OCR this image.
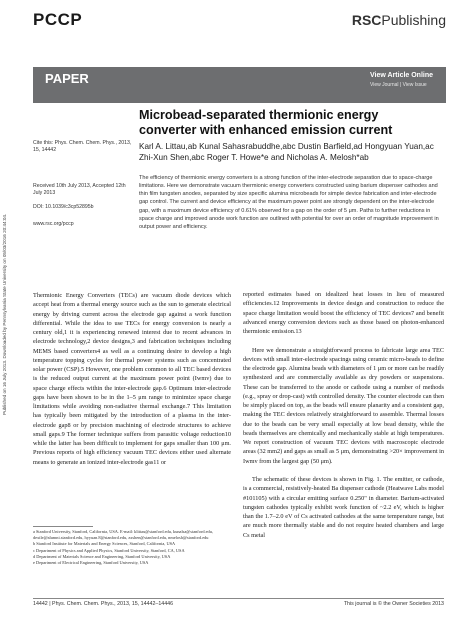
PCCP	RSCPublishing
PAPER	View Article Online
View Journal | View Issue
Published on 16 July 2013. Downloaded by Pennsylvania State University on 05/03/2016 20:44:04.
Cite this: Phys. Chem. Chem. Phys., 2013, 15, 14442
Received 10th July 2013, Accepted 12th July 2013
DOI: 10.1039/c3cp52895b
www.rsc.org/pccp
Microbead-separated thermionic energy converter with enhanced emission current
Karl A. Littau,ab Kunal Sahasrabuddhe,abc Dustin Barfield,ad Hongyuan Yuan,ac Zhi-Xun Shen,abc Roger T. Howe*e and Nicholas A. Melosh*ab
The efficiency of thermionic energy converters is a strong function of the inter-electrode separation due to space-charge limitations. Here we demonstrate vacuum thermionic energy converters constructed using barium dispenser cathodes and thin film tungsten anodes, separated by size specific alumina microbeads for simple device fabrication and inter-electrode gap control. The current and device efficiency at the maximum power point are strongly dependent on the inter-electrode gap, with a maximum device efficiency of 0.61% observed for a gap on the order of 5 μm. Paths to further reductions in space charge and improved anode work function are outlined with potential for over an order of magnitude improvement in output power and efficiency.

Thermionic Energy Converters (TECs) are vacuum diode devices which accept heat from a thermal energy source such as the sun to generate electrical energy by driving current across the electrode gap against a work function differential. While the idea to use TECs for energy conversion is nearly a century old,1 it is experiencing renewed interest due to recent advances in electrode technology,2 device designs,3 and fabrication techniques including MEMS based converters4 as well as a continuing desire to develop a high temperature topping cycles for thermal power systems such as concentrated solar power (CSP).5 However, one problem common to all TEC based devices is the reduced output current at the maximum power point (Iwmv) due to space charge effects within the inter-electrode gap.6 Optimum inter-electrode gaps have been shown to be in the 1–5 μm range to minimize space charge limitations while avoiding non-radiative thermal exchange.7 This limitation has typically been mitigated by the introduction of a plasma in the inter-electrode gap8 or by precision machining of electrode structures to achieve small gaps.9 The former technique suffers from parasitic voltage reduction10 while the latter has been difficult to implement for gaps smaller than 100 μm. Previous reports of high efficiency vacuum TEC devices either used alternate means to generate an ionized inter-electrode gas11 or

reported estimates based on idealized heat losses in lieu of measured efficiencies.12 Improvements in device design and construction to reduce the space charge limitation would boost the efficiency of TEC devices7 and benefit advanced energy conversion devices such as those based on photon-enhanced thermionic emission.13

Here we demonstrate a straightforward process to fabricate large area TEC devices with small inter-electrode spacings using ceramic micro-beads to define the electrode gap. Alumina beads with diameters of 1 μm or more can be readily synthesized and are commercially available as dry powders or suspensions. These can be transferred to the anode or cathode using a number of methods (e.g., spray or drop-cast) with controlled density. The counter electrode can then be simply placed on top, as the beads will ensure planarity and a consistent gap, making the TEC devices relatively straightforward to assemble. Thermal losses due to the beads can be very small especially at low bead density, while the beads themselves are chemically and mechanically stable at high temperatures. We report construction of vacuum TEC devices with macroscopic electrode areas (32 mm2) and gaps as small as 5 μm, demonstrating >20× improvement in Iwmv from the largest gap (50 μm).

The schematic of these devices is shown in Fig. 1. The emitter, or cathode, is a commercial, resistively-heated Ba dispenser cathode (Heatwave Labs model #101105) with a circular emitting surface 0.250" in diameter. Barium-activated tungsten cathodes typically exhibit work function of ~2.2 eV, which is higher than the 1.7–2.0 eV of Cs activated cathodes at the same temperature range, but are much more thermally stable and do not require heated chambers and large Cs metal

a Stanford University, Stanford, California, USA. E-mail: klittau@stanford.edu, kunalsa@stanford.edu, dexile@alumni.stanford.edu, hyyuan.8@stanford.edu, zxshen@stanford.edu, nmelosh@stanford.edu
b Stanford Institute for Materials and Energy Sciences, Stanford, California, USA
c Department of Physics and Applied Physics, Stanford University, Stanford, CA, USA
d Department of Materials Science and Engineering, Stanford University, USA
e Department of Electrical Engineering, Stanford University, USA
14442 | Phys. Chem. Chem. Phys., 2013, 15, 14442–14446	This journal is © the Owner Societies 2013
